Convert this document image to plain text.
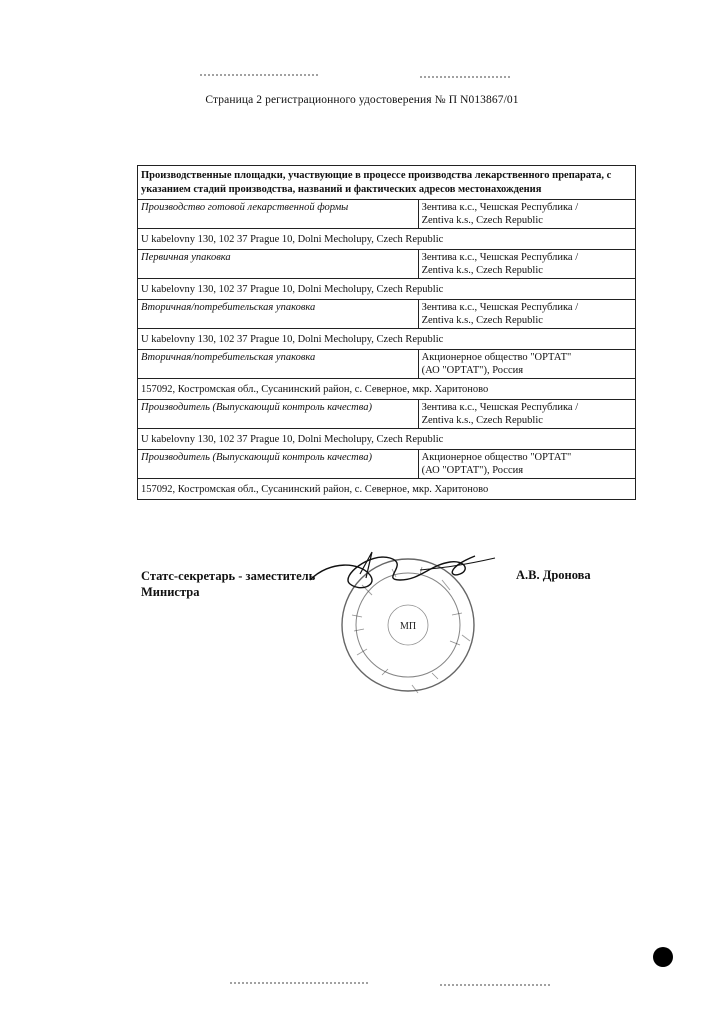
Страница 2 регистрационного удостоверения № П N013867/01
Производственные площадки, участвующие в процессе производства лекарственного препарата, с указанием стадий производства, названий и фактических адресов местонахождения	
Производство готовой лекарственной формы	Зентива к.с., Чешская Республика /
Zentiva k.s., Czech Republic

U kabelovny 130, 102 37 Prague 10, Dolni Mecholupy, Czech Republic	
Первичная упаковка	Зентива к.с., Чешская Республика /
Zentiva k.s., Czech Republic

U kabelovny 130, 102 37 Prague 10, Dolni Mecholupy, Czech Republic	
Вторичная/потребительская упаковка	Зентива к.с., Чешская Республика /
Zentiva k.s., Czech Republic

U kabelovny 130, 102 37 Prague 10, Dolni Mecholupy, Czech Republic	
Вторичная/потребительская упаковка	Акционерное общество "ОРТАТ"
(АО "ОРТАТ"), Россия

157092, Костромская обл., Сусанинский район, с. Северное, мкр. Харитоново	
Производитель (Выпускающий контроль качества)	Зентива к.с., Чешская Республика /
Zentiva k.s., Czech Republic

U kabelovny 130, 102 37 Prague 10, Dolni Mecholupy, Czech Republic	
Производитель (Выпускающий контроль качества)	Акционерное общество "ОРТАТ"
(АО "ОРТАТ"), Россия

157092, Костромская обл., Сусанинский район, с. Северное, мкр. Харитоново	
Статс-секретарь - заместитель
Министра
А.В. Дронова
МП
